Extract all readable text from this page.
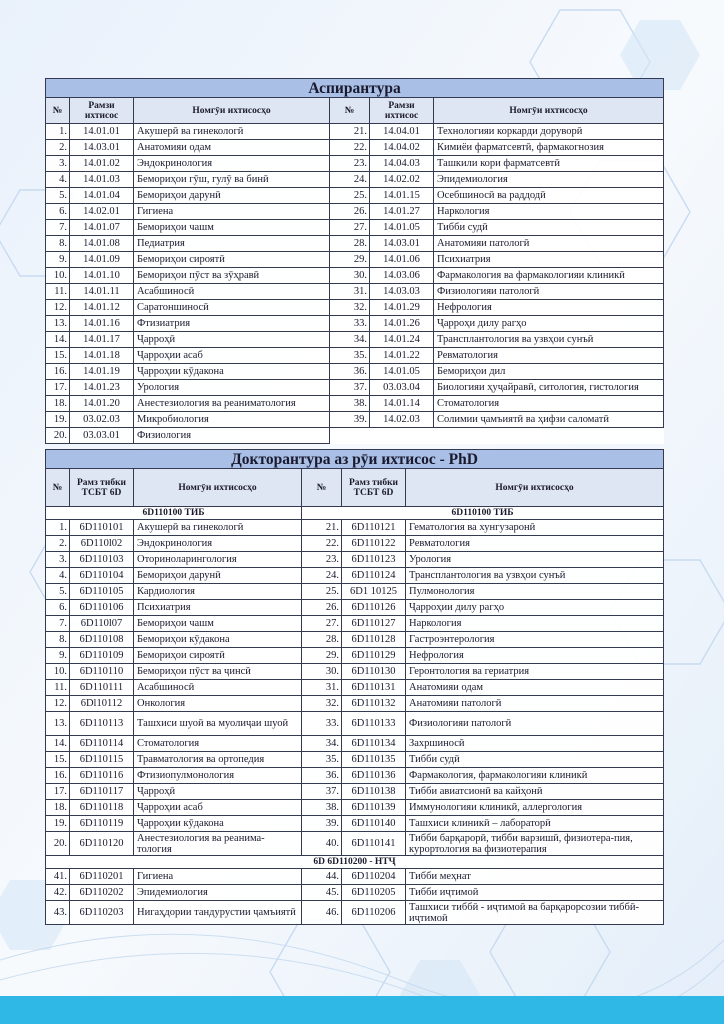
Аспирантура					
№	Рамзи ихтисос	Номгӯи ихтисосҳо	№	Рамзи ихтисос	Номгӯи ихтисосҳо
1.	14.01.01	Акушерӣ ва гинекологӣ	21.	14.04.01	Технологияи коркарди доруворӣ
2.	14.03.01	Анатомияи одам	22.	14.04.02	Кимиёи фарматсевтӣ, фармакогнозия
3.	14.01.02	Эндокринология	23.	14.04.03	Ташкили кори фарматсевтӣ
4.	14.01.03	Бемориҳои гӯш, гулӯ ва бинӣ	24.	14.02.02	Эпидемиология
5.	14.01.04	Бемориҳои дарунӣ	25.	14.01.15	Осебшиносӣ ва раддодӣ
6.	14.02.01	Гигиена	26.	14.01.27	Наркология
7.	14.01.07	Бемориҳои чашм	27.	14.01.05	Тибби судӣ
8.	14.01.08	Педиатрия	28.	14.03.01	Анатомияи патологӣ
9.	14.01.09	Бемориҳои сироятӣ	29.	14.01.06	Психиатрия
10.	14.01.10	Бемориҳои пӯст ва зӯҳравӣ	30.	14.03.06	Фармакология ва фармакологияи клиникӣ
11.	14.01.11	Асабшиносӣ	31.	14.03.03	Физиологияи патологӣ
12.	14.01.12	Саратоншиносӣ	32.	14.01.29	Нефрология
13.	14.01.16	Фтизиатрия	33.	14.01.26	Ҷарроҳи дилу рагҳо
14.	14.01.17	Ҷарроҳӣ	34.	14.01.24	Трансплантология ва узвҳои сунъӣ
15.	14.01.18	Ҷарроҳии асаб	35.	14.01.22	Ревматология
16.	14.01.19	Ҷарроҳии кӯдакона	36.	14.01.05	Бемориҳои дил
17.	14.01.23	Урология	37.	03.03.04	Биологияи ҳуҷайравӣ, ситология, гистология
18.	14.01.20	Анестезиология ва реаниматология	38.	14.01.14	Стоматология
19.	03.02.03	Микробиология	39.	14.02.03	Солимии ҷамъиятӣ ва ҳифзи саломатӣ
20.	03.03.01	Физиология			
Докторантура аз рӯи ихтисос - PhD					
№	Рамз тибки ТСБТ 6D	Номгӯи ихтисосҳо	№	Рамз тибки ТСБТ 6D	Номгӯи ихтисосҳо
6D110100 ТИБ			6D110100 ТИБ		
1.	6D110101	Акушерӣ ва гинекологӣ	21.	6D110121	Гематология ва хунгузаронӣ
2.	6D110l02	Эндокринология	22.	6D110122	Ревматология
3.	6D110103	Оториноларингология	23.	6D110123	Урология
4.	6D110104	Бемориҳои дарунӣ	24.	6D110124	Трансплантология ва узвҳои сунъӣ
5.	6D110105	Кардиология	25.	6D1 10125	Пулмонология
6.	6D110106	Психиатрия	26.	6D110126	Ҷарроҳии дилу рагҳо
7.	6D110l07	Бемориҳои чашм	27.	6D110127	Наркология
8.	6D110108	Бемориҳои кӯдакона	28.	6D110128	Гастроэнтерология
9.	6D110109	Бемориҳои сироятӣ	29.	6D110129	Нефрология
10.	6D110110	Бемориҳои пӯст ва ҷинсӣ	30.	6D110130	Геронтология ва гериатрия
11.	6D110111	Асабшиносӣ	31.	6D110131	Анатомияи одам
12.	6Dl10112	Онкология	32.	6D110132	Анатомияи патологӣ
13.	6D110113	Ташхиси шуоӣ ва муолиҷаи шуоӣ	33.	6D110133	Физиологияи патологӣ
14.	6D110114	Стоматология	34.	6D110134	Захршиносӣ
15.	6D110115	Травматология ва ортопедия	35.	6D110135	Тибби судӣ
16.	6D110116	Фтизиопулмонология	36.	6D110136	Фармакология, фармакологияи клиникӣ
17.	6D110117	Ҷарроҳӣ	37.	6D110138	Тибби авиатсионӣ ва кайҳонӣ
18.	6D110118	Ҷарроҳии асаб	38.	6D110139	Иммунологияи клиникӣ, аллергология
19.	6D110119	Ҷарроҳии кӯдакона	39.	6D110140	Ташхиси клиникӣ – лабораторӣ
20.	6D110120	Анестезиология ва реанима-тология	40.	6D110141	Тибби барқарорӣ, тибби варзишӣ, физиотера-пия, курортология ва физиотерапия
6D 6D110200 - НТҶ					
41.	6D110201	Гигиена	44.	6D110204	Тибби меҳнат
42.	6D110202	Эпидемиология	45.	6D110205	Тибби иҷтимоӣ
43.	6D110203	Нигаҳдории тандурустии ҷамъиятӣ	46.	6D110206	Ташхиси тиббӣ - иҷтимоӣ ва барқарорсозии тиббӣ-иҷтимоӣ
